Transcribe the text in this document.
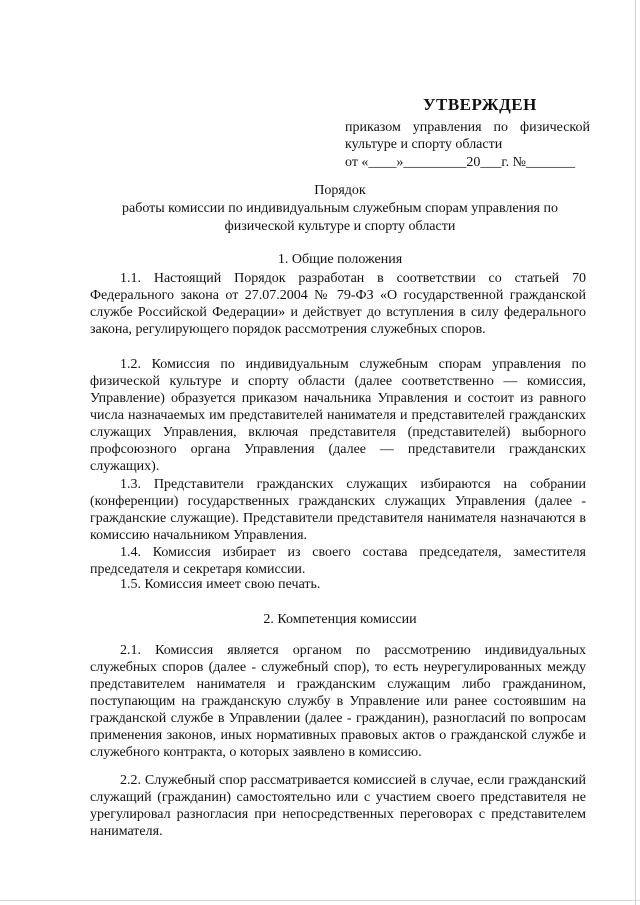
УТВЕРЖДЕН
приказом управления по физической
культуре и спорту области
от «____»_________20___г. №_______
Порядок
работы комиссии по индивидуальным служебным спорам управления по
физической культуре и спорту области
1. Общие положения

1.1. Настоящий Порядок разработан в соответствии со статьей 70 Федерального закона от 27.07.2004 № 79-ФЗ «О государственной гражданской службе Российской Федерации» и действует до вступления в силу федерального закона, регулирующего порядок рассмотрения служебных споров.

1.2. Комиссия по индивидуальным служебным спорам управления по физической культуре и спорту области (далее соответственно — комиссия, Управление) образуется приказом начальника Управления и состоит из равного числа назначаемых им представителей нанимателя и представителей гражданских служащих Управления, включая представителя (представителей) выборного профсоюзного органа Управления (далее — представители гражданских служащих).

1.3. Представители гражданских служащих избираются на собрании (конференции) государственных гражданских служащих Управления (далее - гражданские служащие). Представители представителя нанимателя назначаются в комиссию начальником Управления.

1.4. Комиссия избирает из своего состава председателя, заместителя председателя и секретаря комиссии.

1.5. Комиссия имеет свою печать.

2. Компетенция комиссии

2.1. Комиссия является органом по рассмотрению индивидуальных служебных споров (далее - служебный спор), то есть неурегулированных между представителем нанимателя и гражданским служащим либо гражданином, поступающим на гражданскую службу в Управление или ранее состоявшим на гражданской службе в Управлении (далее - гражданин), разногласий по вопросам применения законов, иных нормативных правовых актов о гражданской службе и служебного контракта, о которых заявлено в комиссию.

2.2. Служебный спор рассматривается комиссией в случае, если гражданский служащий (гражданин) самостоятельно или с участием своего представителя не урегулировал разногласия при непосредственных переговорах с представителем нанимателя.
